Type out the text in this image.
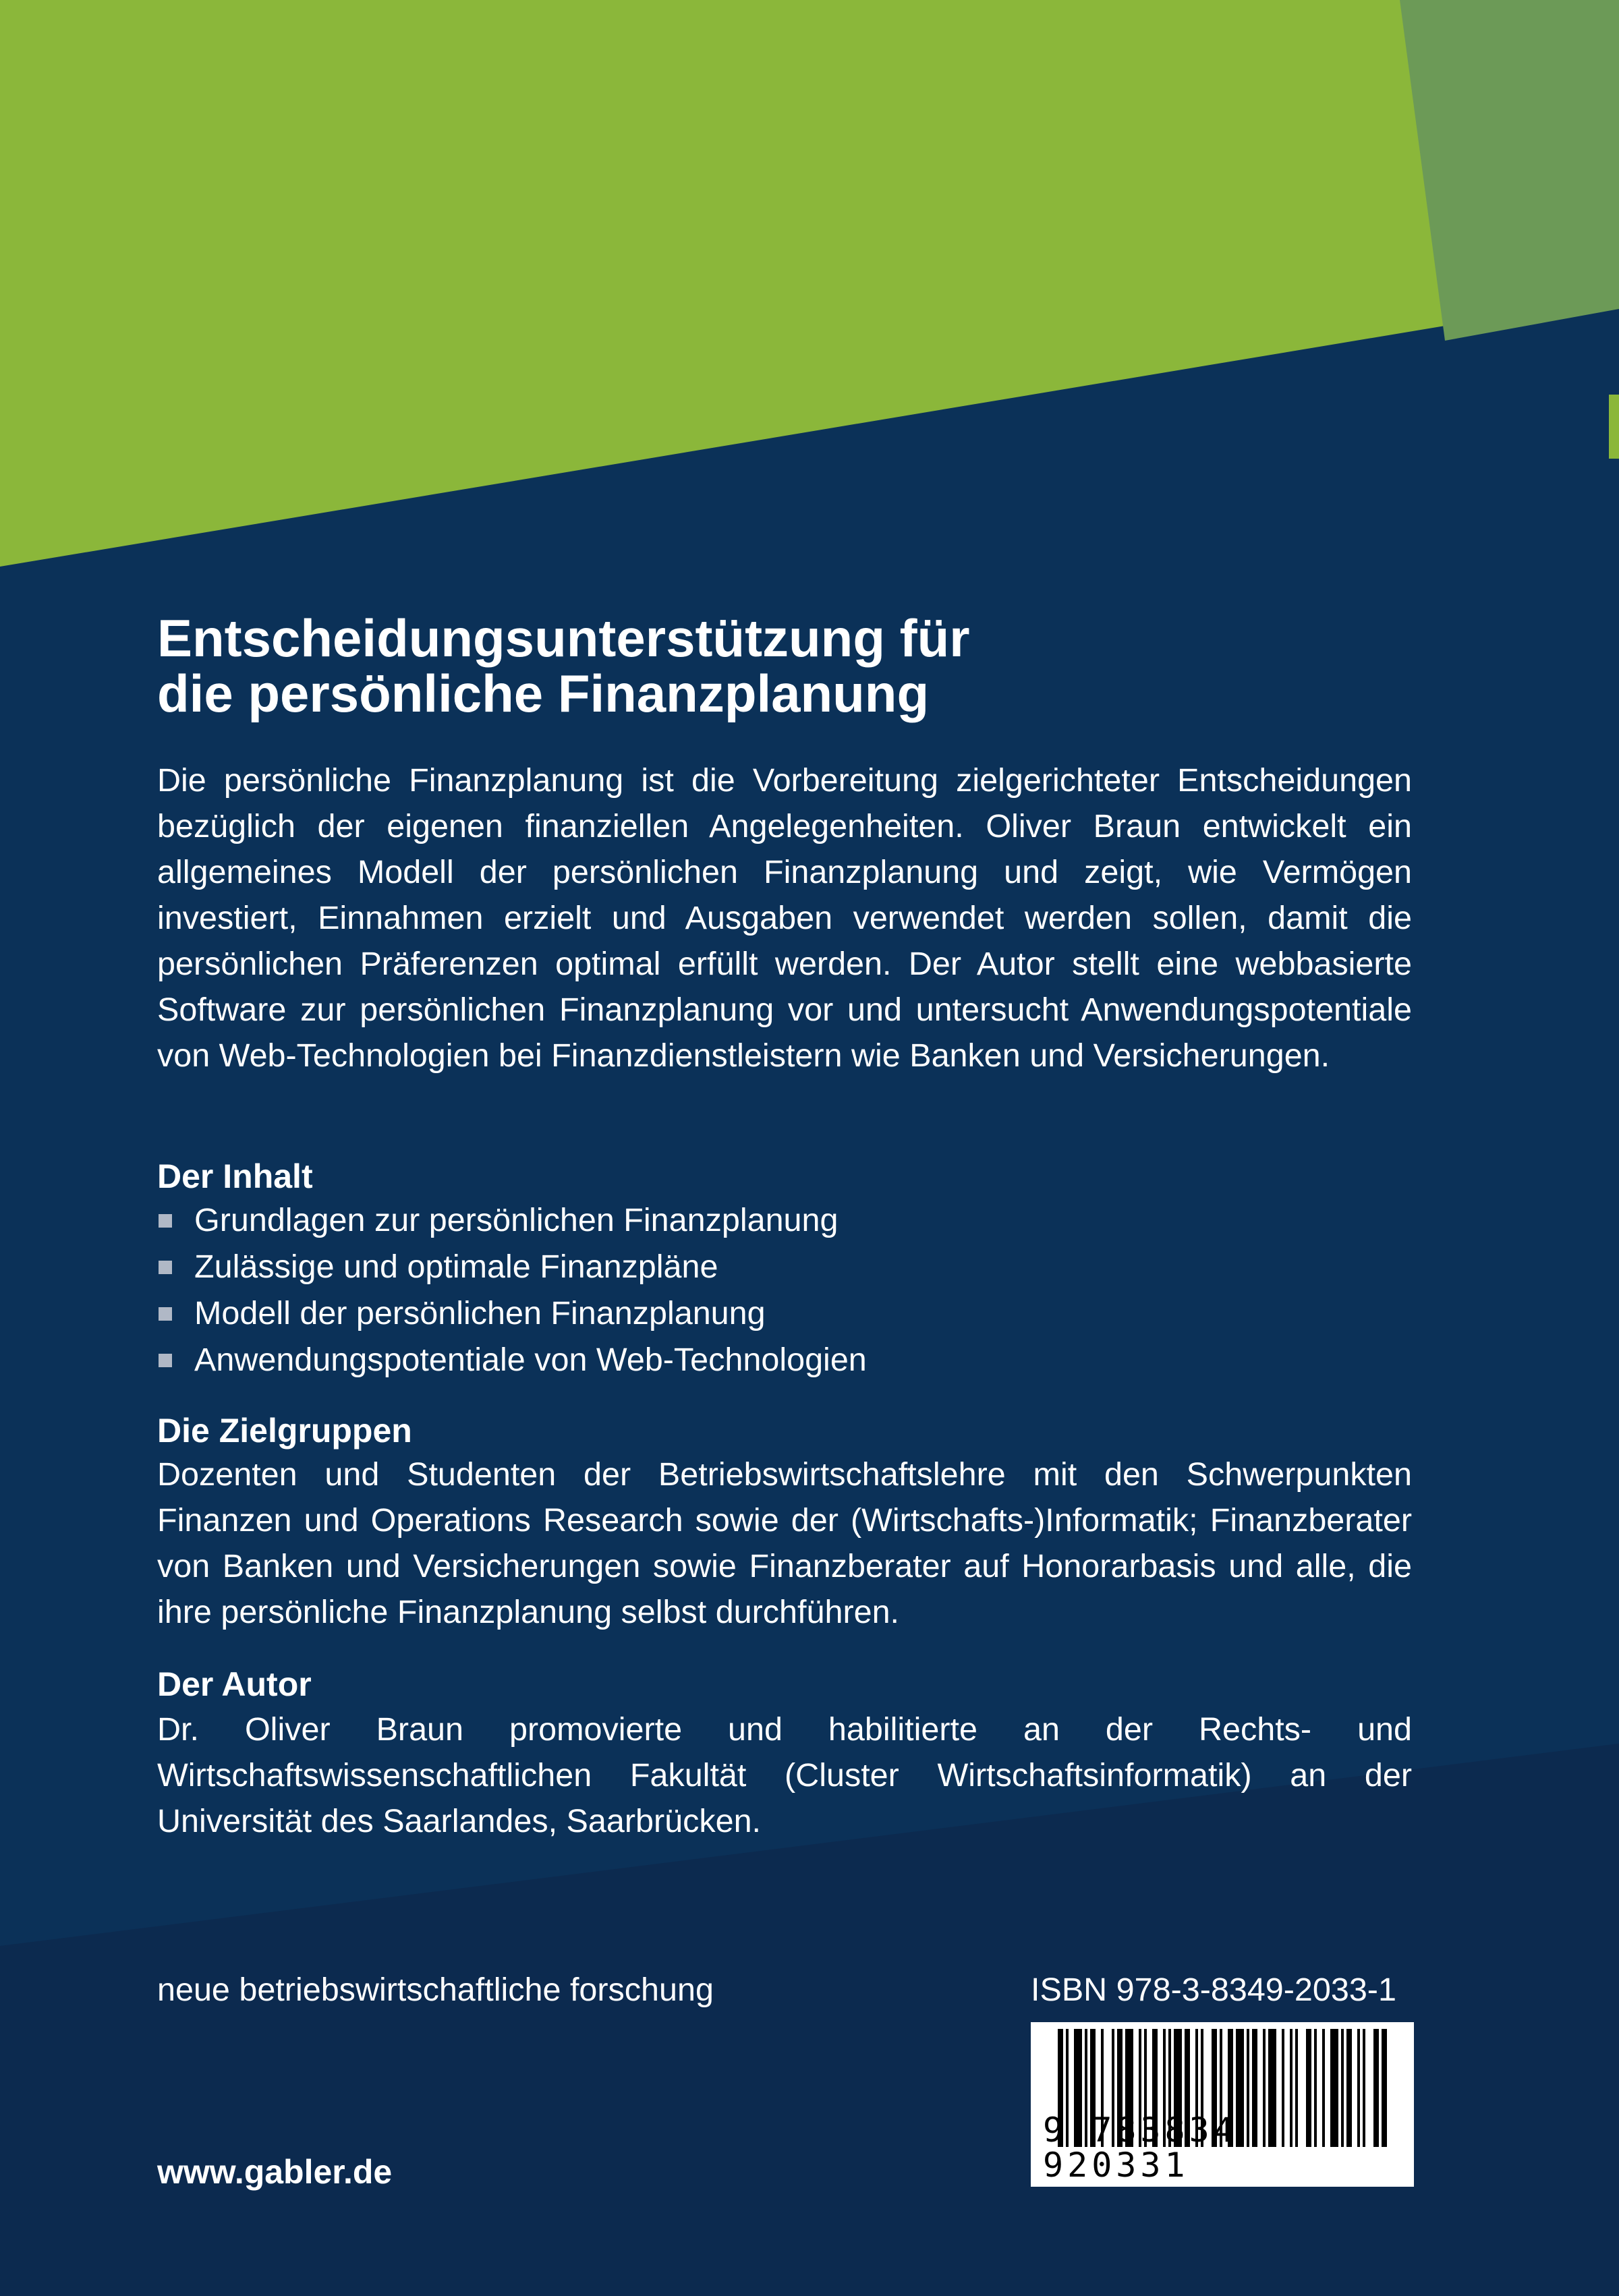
Entscheidungsunterstützung für
die persönliche Finanzplanung

Die persönliche Finanzplanung ist die Vorbereitung zielgerichteter Entscheidungen bezüglich der eigenen finanziellen Angelegenheiten. Oliver Braun entwickelt ein allgemeines Modell der persönlichen Finanzplanung und zeigt, wie Vermögen investiert, Einnahmen erzielt und Ausgaben verwendet werden sollen, damit die persönlichen Präferenzen optimal erfüllt werden. Der Autor stellt eine webbasierte Software zur persönlichen Finanzplanung vor und untersucht Anwendungspotentiale von Web-Technologien bei Finanzdienstleistern wie Banken und Versicherungen.

Der Inhalt
Grundlagen zur persönlichen Finanzplanung
Zulässige und optimale Finanzpläne
Modell der persönlichen Finanzplanung
Anwendungspotentiale von Web-Technologien
Die Zielgruppen

Dozenten und Studenten der Betriebswirtschaftslehre mit den Schwerpunkten Finanzen und Operations Research sowie der (Wirtschafts-)Informatik; Finanzberater von Banken und Versicherungen sowie Finanzberater auf Honorarbasis und alle, die ihre persönliche Finanzplanung selbst durchführen.

Der Autor

Dr. Oliver Braun promovierte und habilitierte an der Rechts- und Wirtschaftswissenschaftlichen Fakultät (Cluster Wirtschaftsinformatik) an der Universität des Saarlandes, Saarbrücken.

neue betriebswirtschaftliche forschung	ISBN 978-3-8349-2033-1
9 783834 920331
www.gabler.de
